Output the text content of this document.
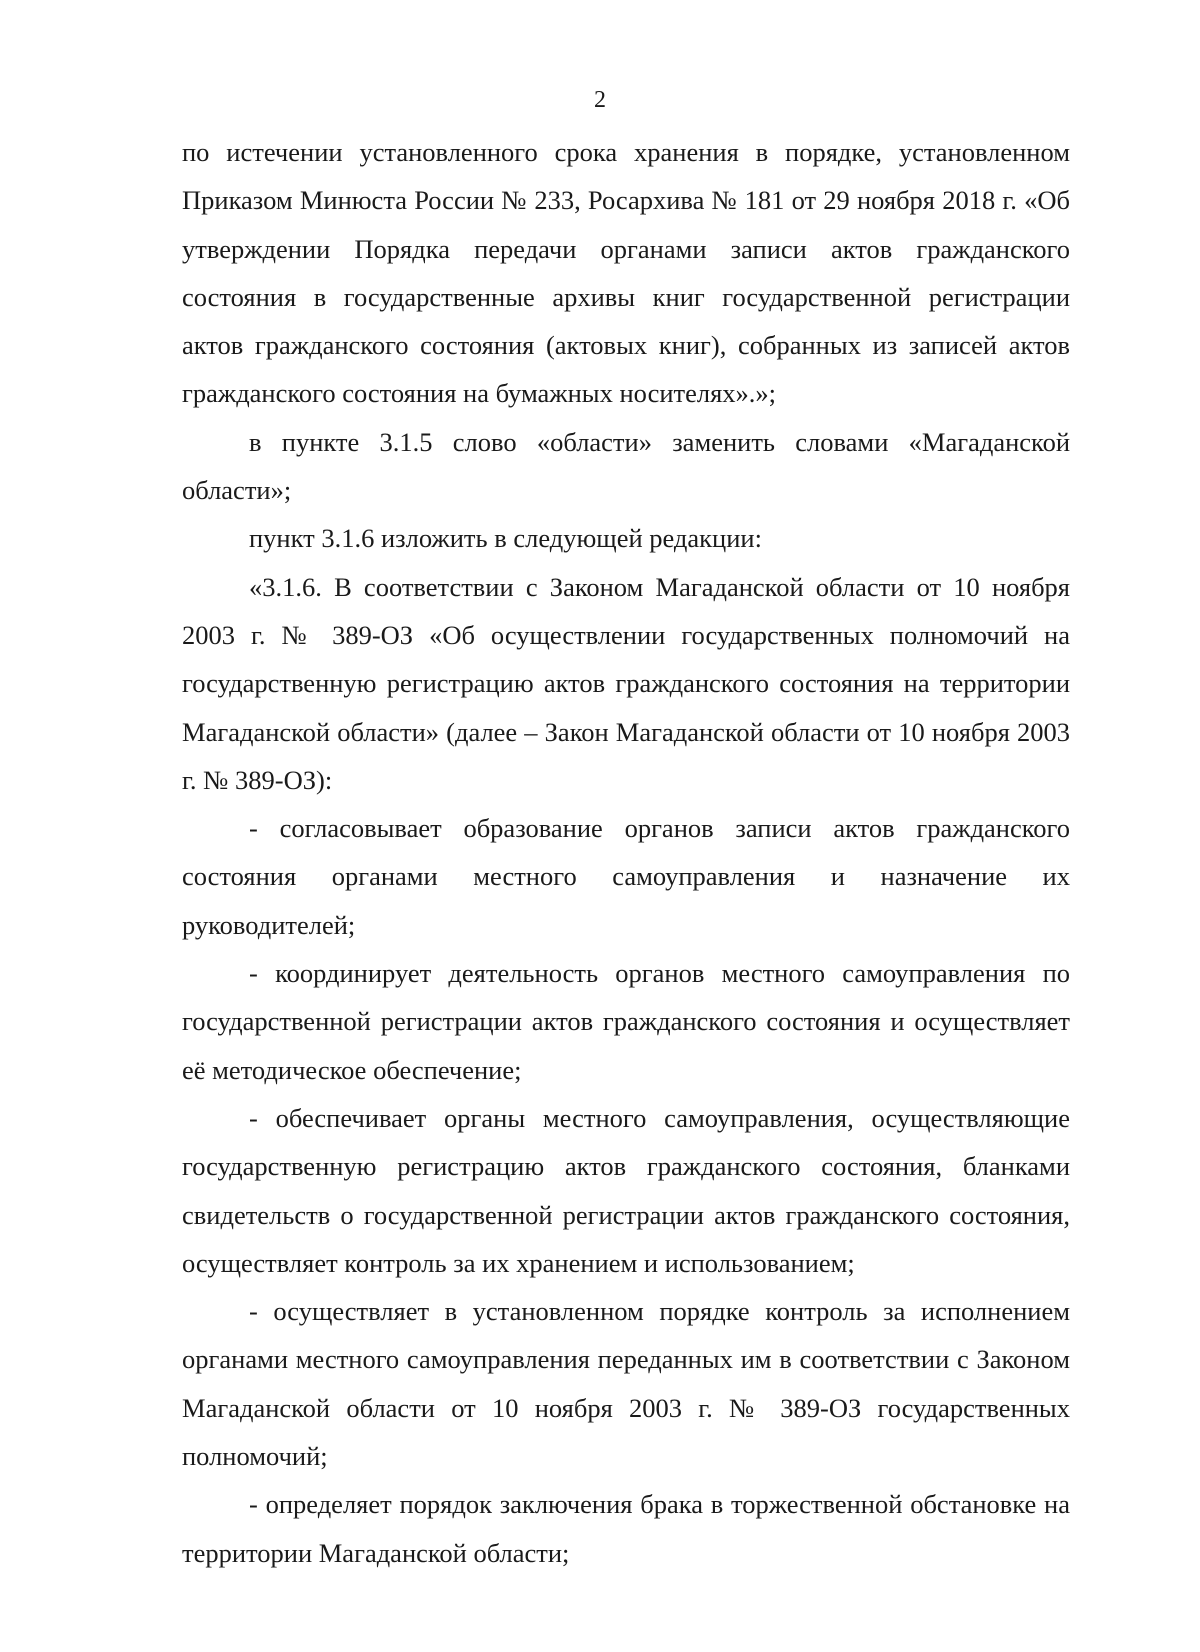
2

по истечении установленного срока хранения в порядке, установленном Приказом Минюста России № 233, Росархива № 181 от 29 ноября 2018 г. «Об утверждении Порядка передачи органами записи актов гражданского состояния в государственные архивы книг государственной регистрации актов гражданского состояния (актовых книг), собранных из записей актов гражданского состояния на бумажных носителях».»;

в пункте 3.1.5 слово «области» заменить словами «Магаданской области»;

пункт 3.1.6 изложить в следующей редакции:

«3.1.6. В соответствии с Законом Магаданской области от 10 ноября 2003 г. № 389-ОЗ «Об осуществлении государственных полномочий на государственную регистрацию актов гражданского состояния на территории Магаданской области» (далее – Закон Магаданской области от 10 ноября 2003 г. № 389-ОЗ):

- согласовывает образование органов записи актов гражданского состояния органами местного самоуправления и назначение их руководителей;

- координирует деятельность органов местного самоуправления по государственной регистрации актов гражданского состояния и осуществляет её методическое обеспечение;

- обеспечивает органы местного самоуправления, осуществляющие государственную регистрацию актов гражданского состояния, бланками свидетельств о государственной регистрации актов гражданского состояния, осуществляет контроль за их хранением и использованием;

- осуществляет в установленном порядке контроль за исполнением органами местного самоуправления переданных им в соответствии с Законом Магаданской области от 10 ноября 2003 г. № 389-ОЗ государственных полномочий;

- определяет порядок заключения брака в торжественной обстановке на территории Магаданской области;
